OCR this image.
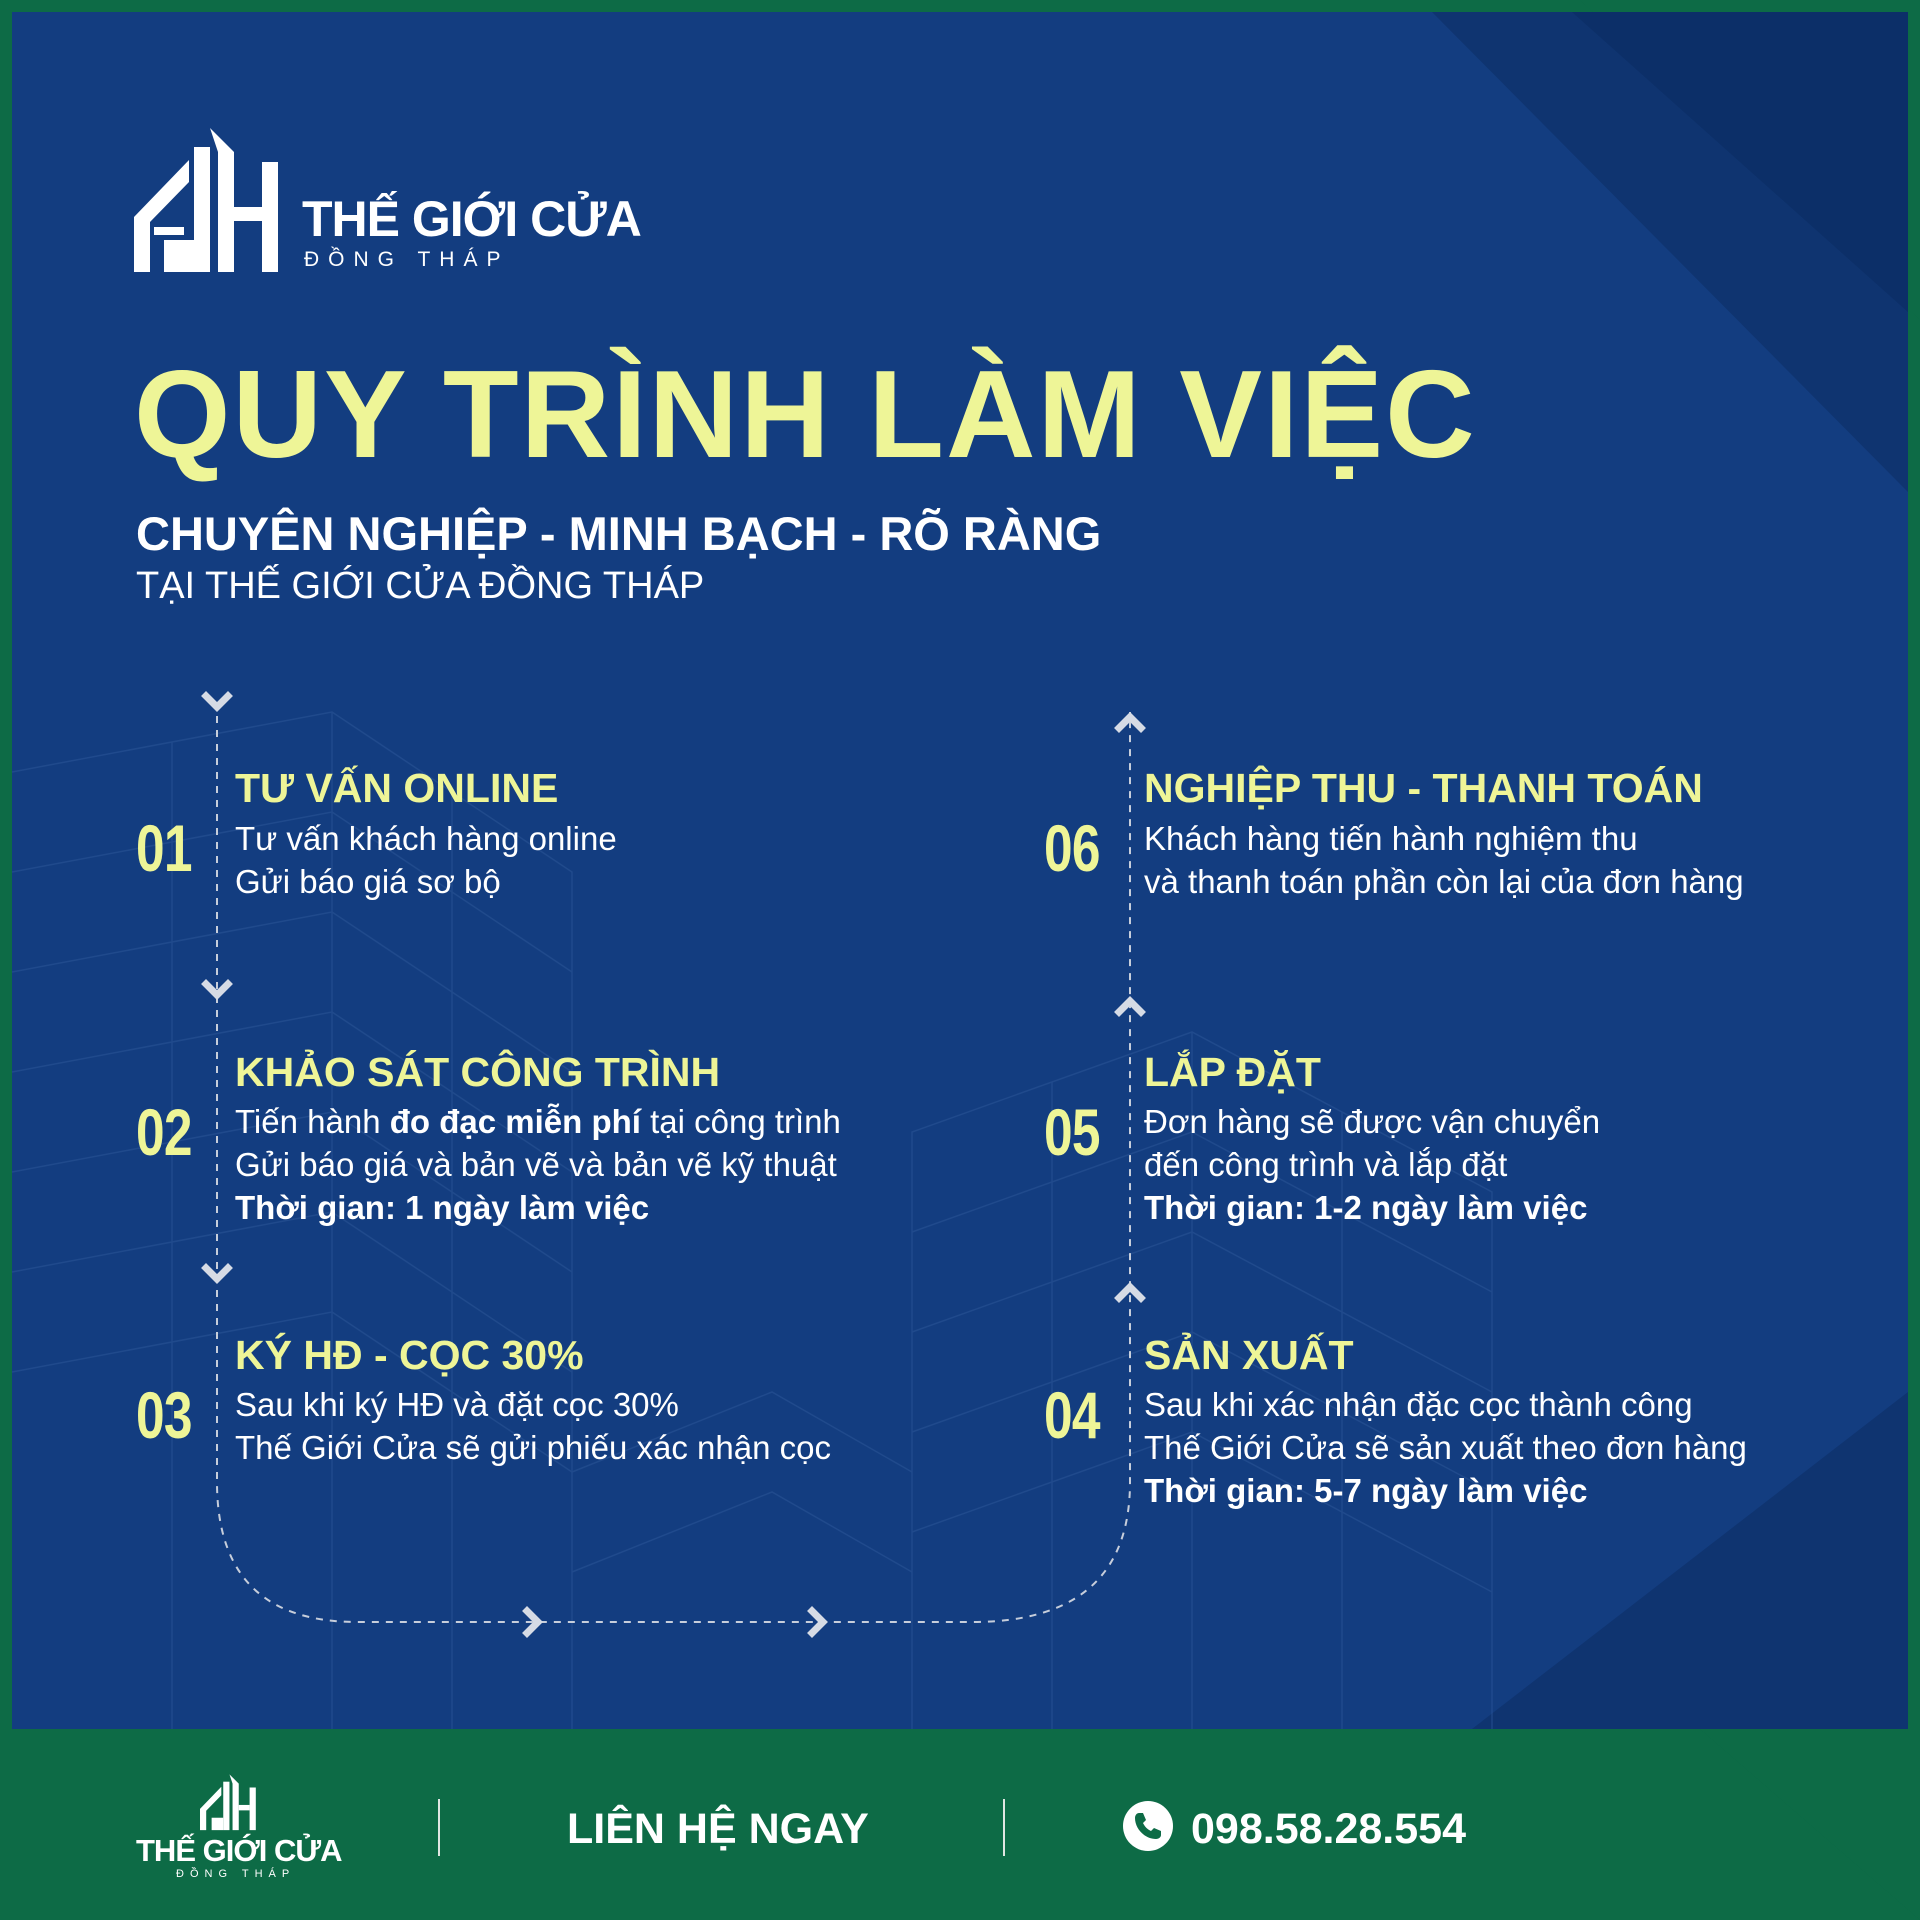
THẾ GIỚI CỬA
ĐỒNG THÁP
QUY TRÌNH LÀM VIỆC
CHUYÊN NGHIỆP - MINH BẠCH - RÕ RÀNG
TẠI THẾ GIỚI CỬA ĐỒNG THÁP
01
TƯ VẤN ONLINE
Tư vấn khách hàng online
Gửi báo giá sơ bộ
02
KHẢO SÁT CÔNG TRÌNH
Tiến hành đo đạc miễn phí tại công trình
Gửi báo giá và bản vẽ và bản vẽ kỹ thuật
Thời gian: 1 ngày làm việc
03
KÝ HĐ - CỌC 30%
Sau khi ký HĐ và đặt cọc 30%
Thế Giới Cửa sẽ gửi phiếu xác nhận cọc
06
NGHIỆP THU - THANH TOÁN
Khách hàng tiến hành nghiệm thu
và thanh toán phần còn lại của đơn hàng
05
LẮP ĐẶT
Đơn hàng sẽ được vận chuyển
đến công trình và lắp đặt
Thời gian: 1-2 ngày làm việc
04
SẢN XUẤT
Sau khi xác nhận đặc cọc thành công
Thế Giới Cửa sẽ sản xuất theo đơn hàng
Thời gian: 5-7 ngày làm việc
THẾ GIỚI CỬA
ĐỒNG THÁP
LIÊN HỆ NGAY	098.58.28.554
